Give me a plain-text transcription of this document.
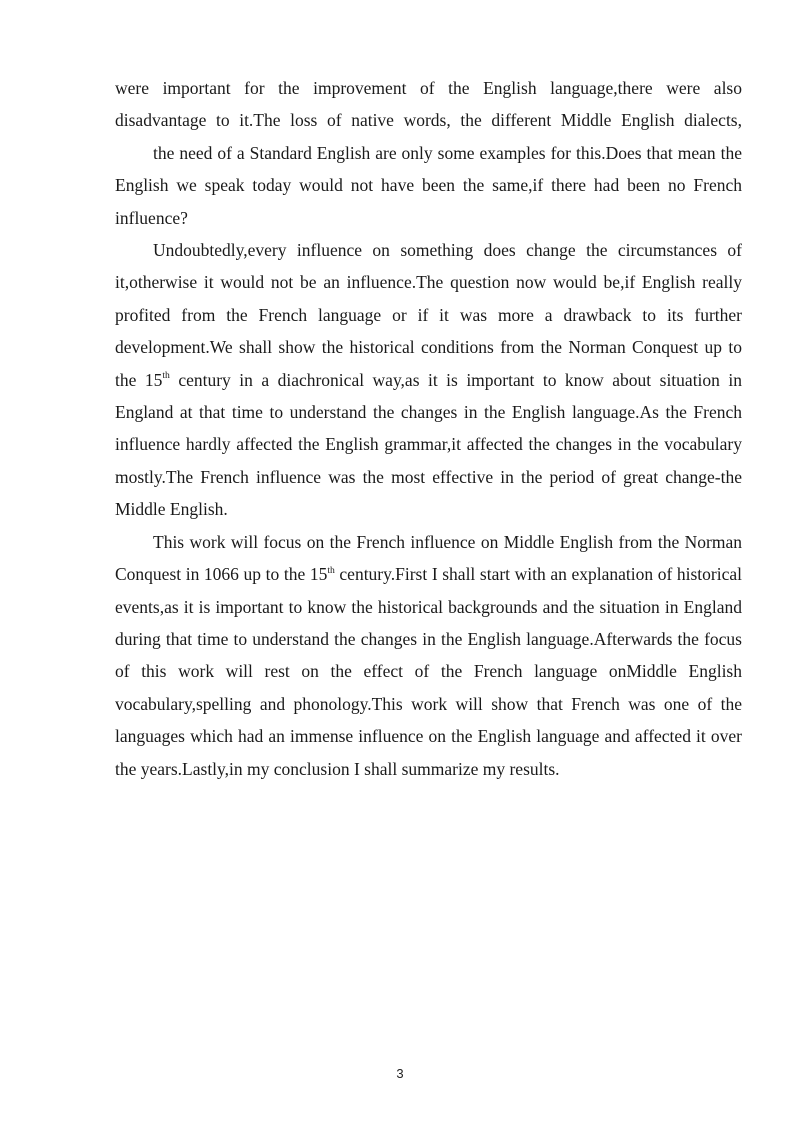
were important for the improvement of the English language,there were also disadvantage to it.The loss of native words, the different Middle English dialects,

the need of a Standard English are only some examples for this.Does that mean the English we speak today would not have been the same,if there had been no French influence?

Undoubtedly,every influence on something does change the circumstances of it,otherwise it would not be an influence.The question now would be,if English really profited from the French language or if it was more a drawback to its further development.We shall show the historical conditions from the Norman Conquest up to the 15th century in a diachronical way,as it is important to know about situation in England at that time to understand the changes in the English language.As the French influence hardly affected the English grammar,it affected the changes in the vocabulary mostly.The French influence was the most effective in the period of great change-the Middle English.

This work will focus on the French influence on Middle English from the Norman Conquest in 1066 up to the 15th century.First I shall start with an explanation of historical events,as it is important to know the historical backgrounds and the situation in England during that time to understand the changes in the English language.Afterwards the focus of this work will rest on the effect of the French language onMiddle English vocabulary,spelling and phonology.This work will show that French was one of the languages which had an immense influence on the English language and affected it over the years.Lastly,in my conclusion I shall summarize my results.

3
